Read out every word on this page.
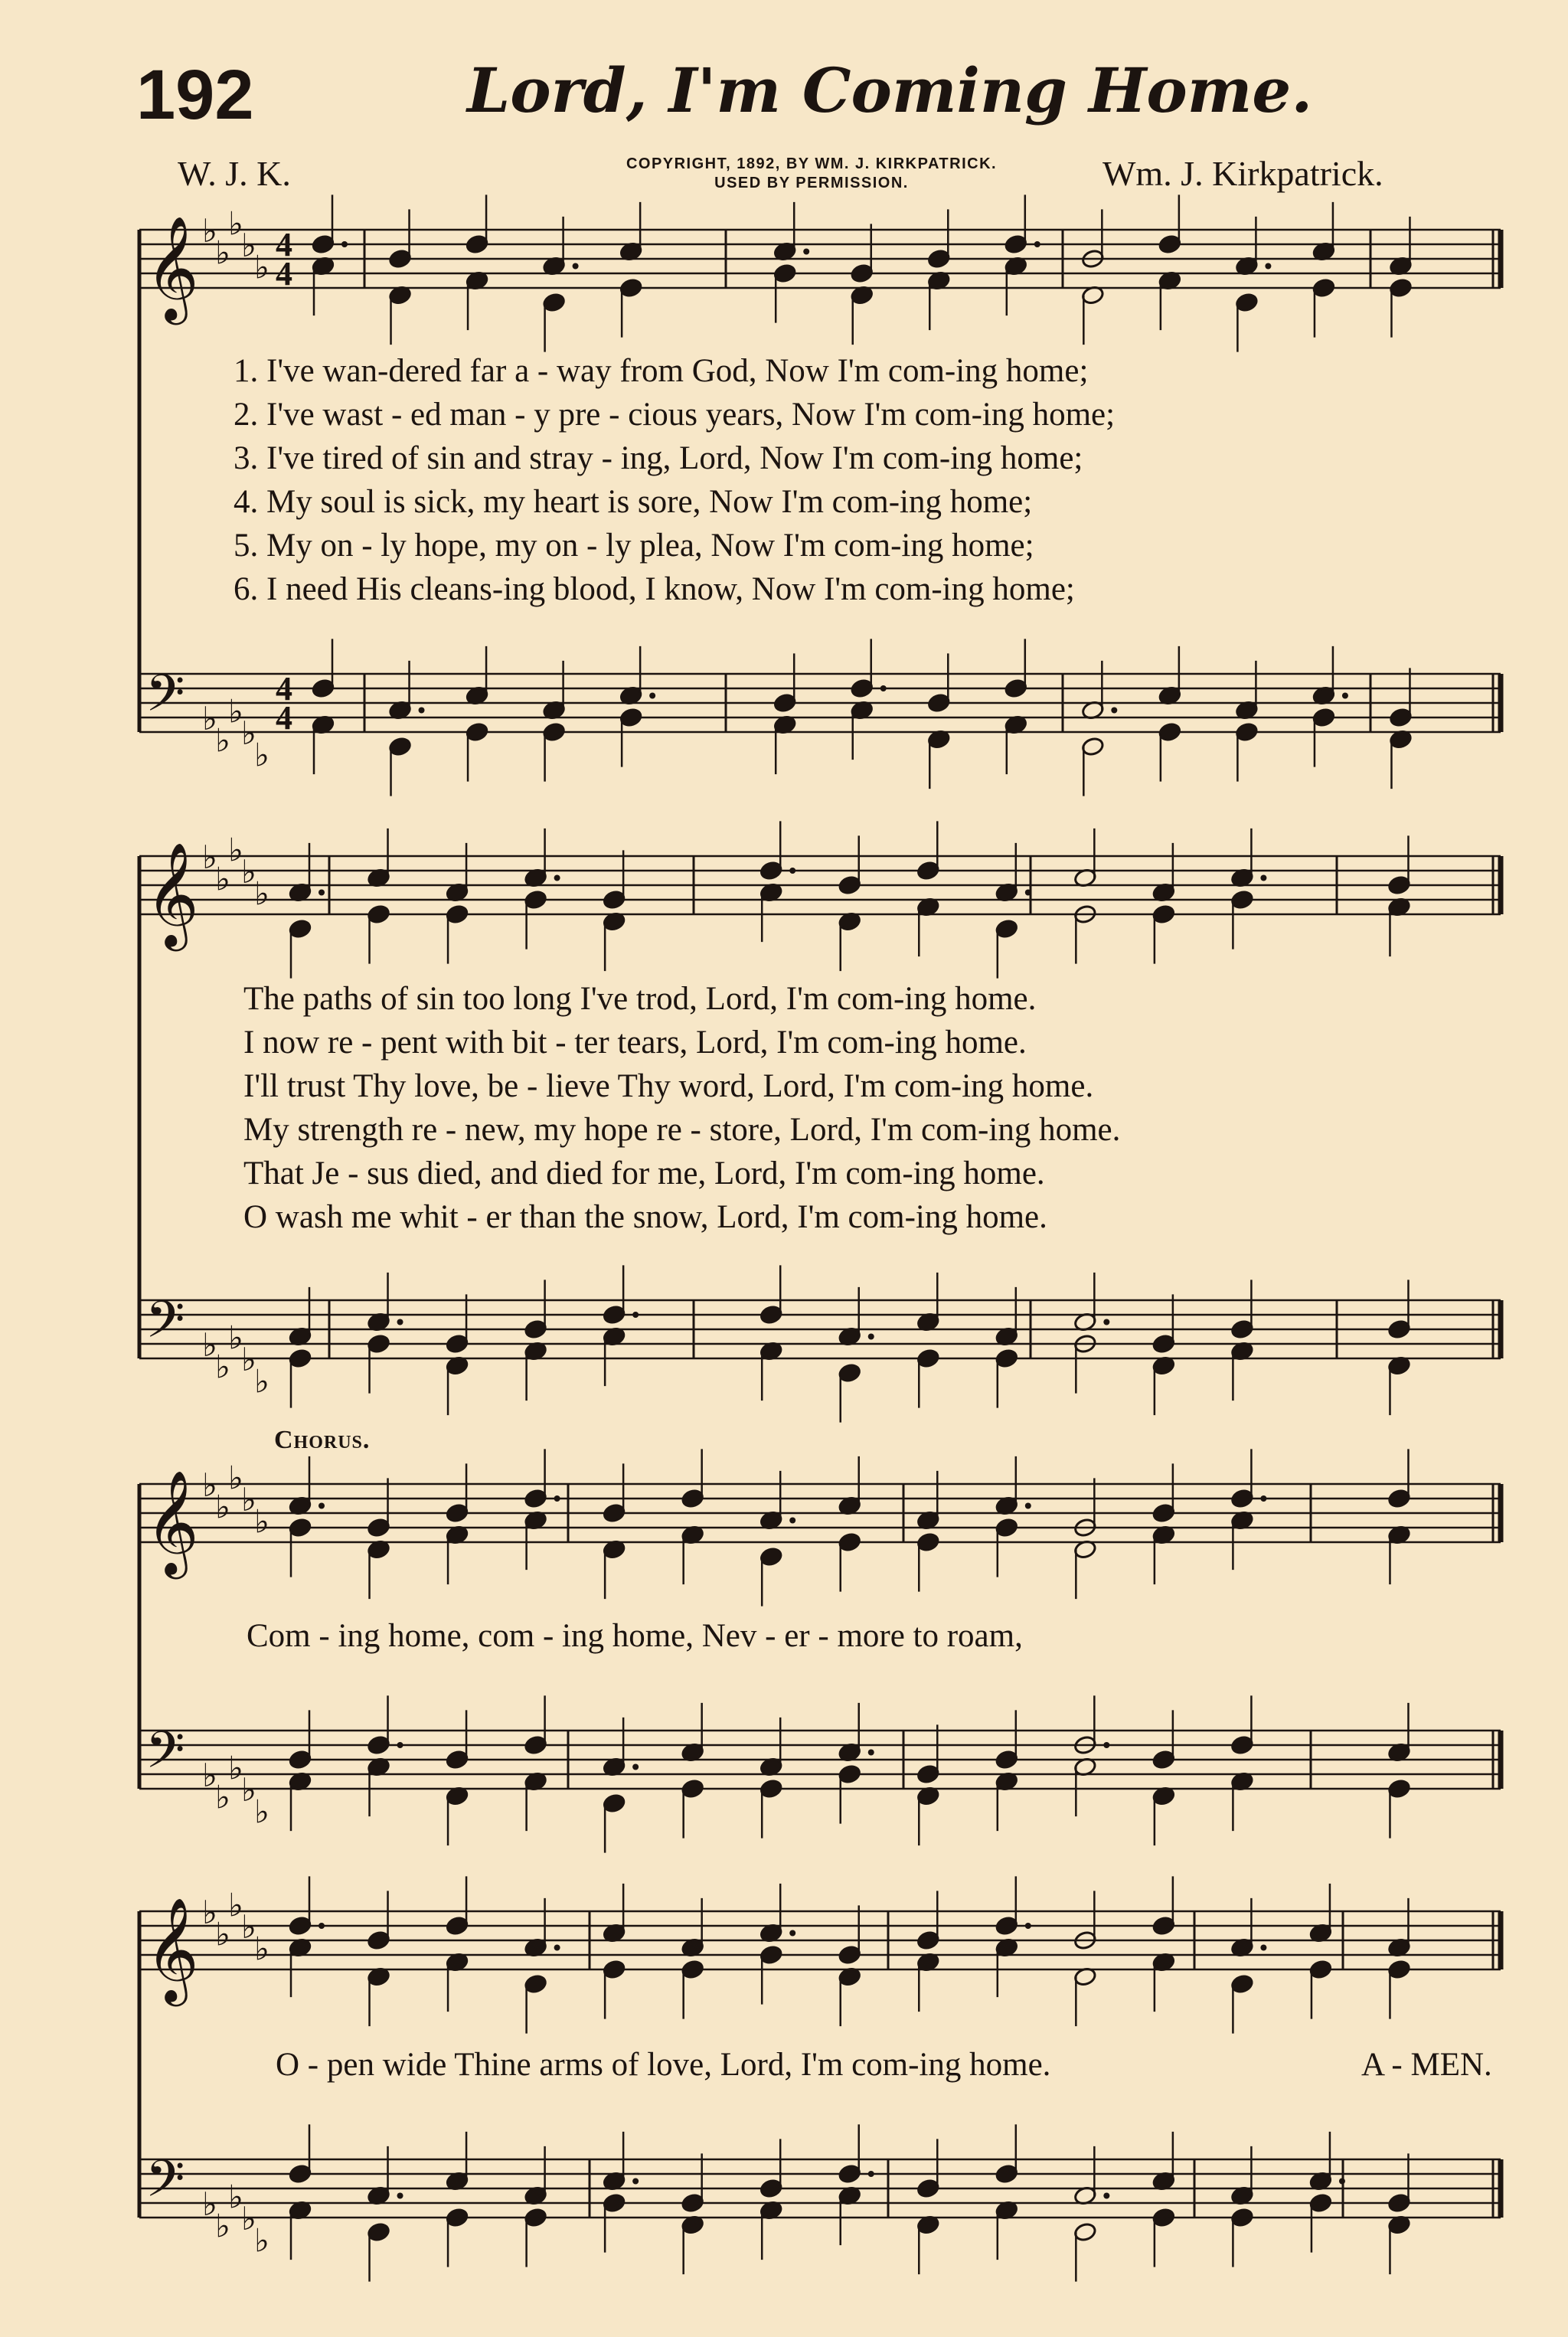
192	Lord, I'm Coming Home.
W. J. K.	COPYRIGHT, 1892, BY WM. J. KIRKPATRICK.
USED BY PERMISSION.	Wm. J. Kirkpatrick.
𝄞 ♭
♭
♭
♭
♭
4
4
𝄢 ♭
♭
♭
♭
♭
4
4
𝄞 ♭
♭
♭
♭
♭
𝄢 ♭
♭
♭
♭
♭
𝄞 ♭
♭
♭
♭
♭
𝄢 ♭
♭
♭
♭
♭
𝄞 ♭
♭
♭
♭
♭
𝄢 ♭
♭
♭
♭
♭
1. I've wan-dered far a - way from God, Now I'm com-ing home;
2. I've wast - ed man - y pre - cious years, Now I'm com-ing home;
3. I've tired of sin and stray - ing, Lord, Now I'm com-ing home;
4. My soul is sick, my heart is sore, Now I'm com-ing home;
5. My on - ly hope, my on - ly plea, Now I'm com-ing home;
6. I need His cleans-ing blood, I know, Now I'm com-ing home;
The paths of sin too long I've trod, Lord, I'm com-ing home.
I now re - pent with bit - ter tears, Lord, I'm com-ing home.
I'll trust Thy love, be - lieve Thy word, Lord, I'm com-ing home.
My strength re - new, my hope re - store, Lord, I'm com-ing home.
That Je - sus died, and died for me, Lord, I'm com-ing home.
O wash me whit - er than the snow, Lord, I'm com-ing home.
Chorus.
Com - ing home, com - ing home, Nev - er - more to roam,
O - pen wide Thine arms of love, Lord, I'm com-ing home.	A - MEN.
